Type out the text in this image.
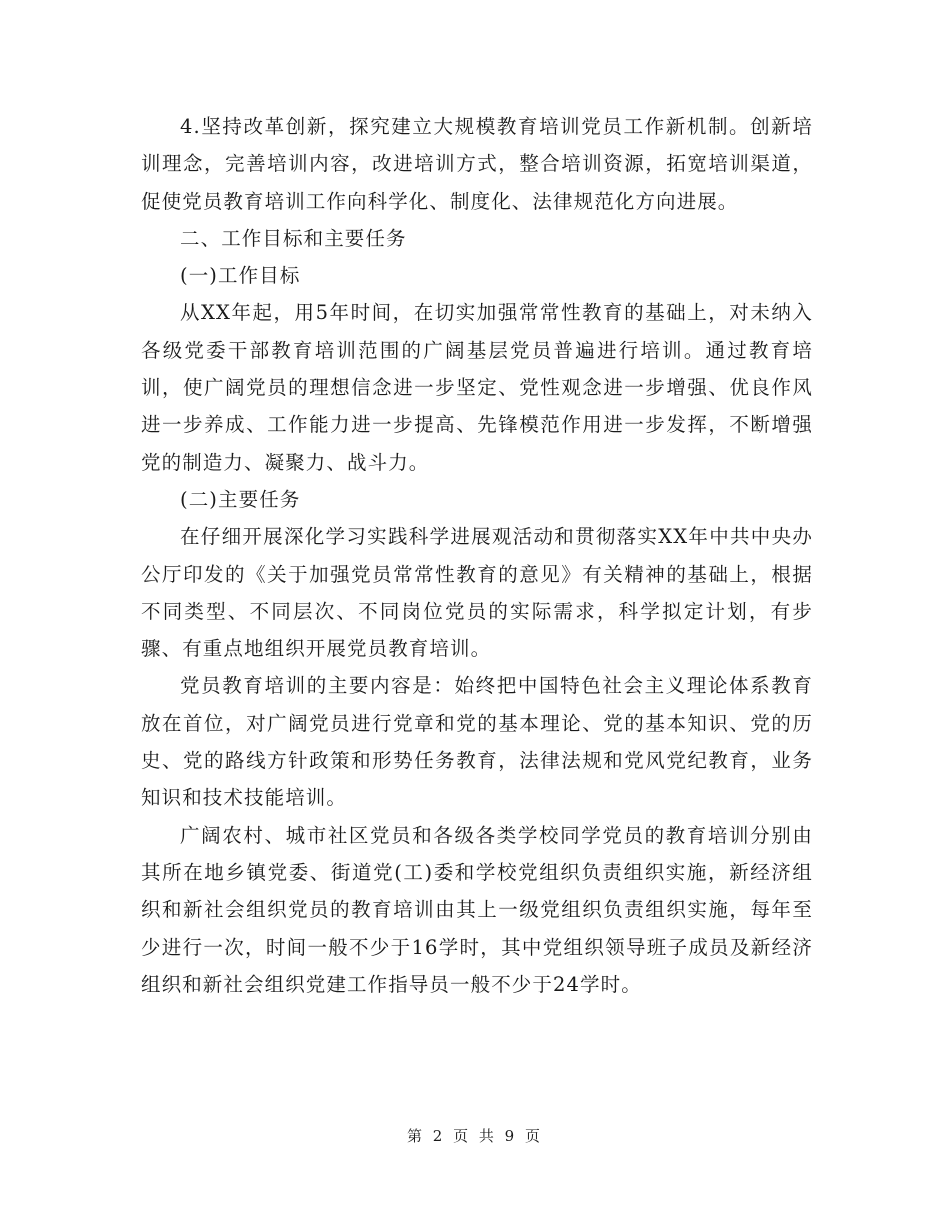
4.坚持改革创新，探究建立大规模教育培训党员工作新机制。创新培训理念，完善培训内容，改进培训方式，整合培训资源，拓宽培训渠道，促使党员教育培训工作向科学化、制度化、法律规范化方向进展。

二、工作目标和主要任务

(一)工作目标

从XX年起，用5年时间，在切实加强常常性教育的基础上，对未纳入各级党委干部教育培训范围的广阔基层党员普遍进行培训。通过教育培训，使广阔党员的理想信念进一步坚定、党性观念进一步增强、优良作风进一步养成、工作能力进一步提高、先锋模范作用进一步发挥，不断增强党的制造力、凝聚力、战斗力。

(二)主要任务

在仔细开展深化学习实践科学进展观活动和贯彻落实XX年中共中央办公厅印发的《关于加强党员常常性教育的意见》有关精神的基础上，根据不同类型、不同层次、不同岗位党员的实际需求，科学拟定计划，有步骤、有重点地组织开展党员教育培训。

党员教育培训的主要内容是：始终把中国特色社会主义理论体系教育放在首位，对广阔党员进行党章和党的基本理论、党的基本知识、党的历史、党的路线方针政策和形势任务教育，法律法规和党风党纪教育，业务知识和技术技能培训。

广阔农村、城市社区党员和各级各类学校同学党员的教育培训分别由其所在地乡镇党委、街道党(工)委和学校党组织负责组织实施，新经济组织和新社会组织党员的教育培训由其上一级党组织负责组织实施，每年至少进行一次，时间一般不少于16学时，其中党组织领导班子成员及新经济组织和新社会组织党建工作指导员一般不少于24学时。

第 2 页 共 9 页
